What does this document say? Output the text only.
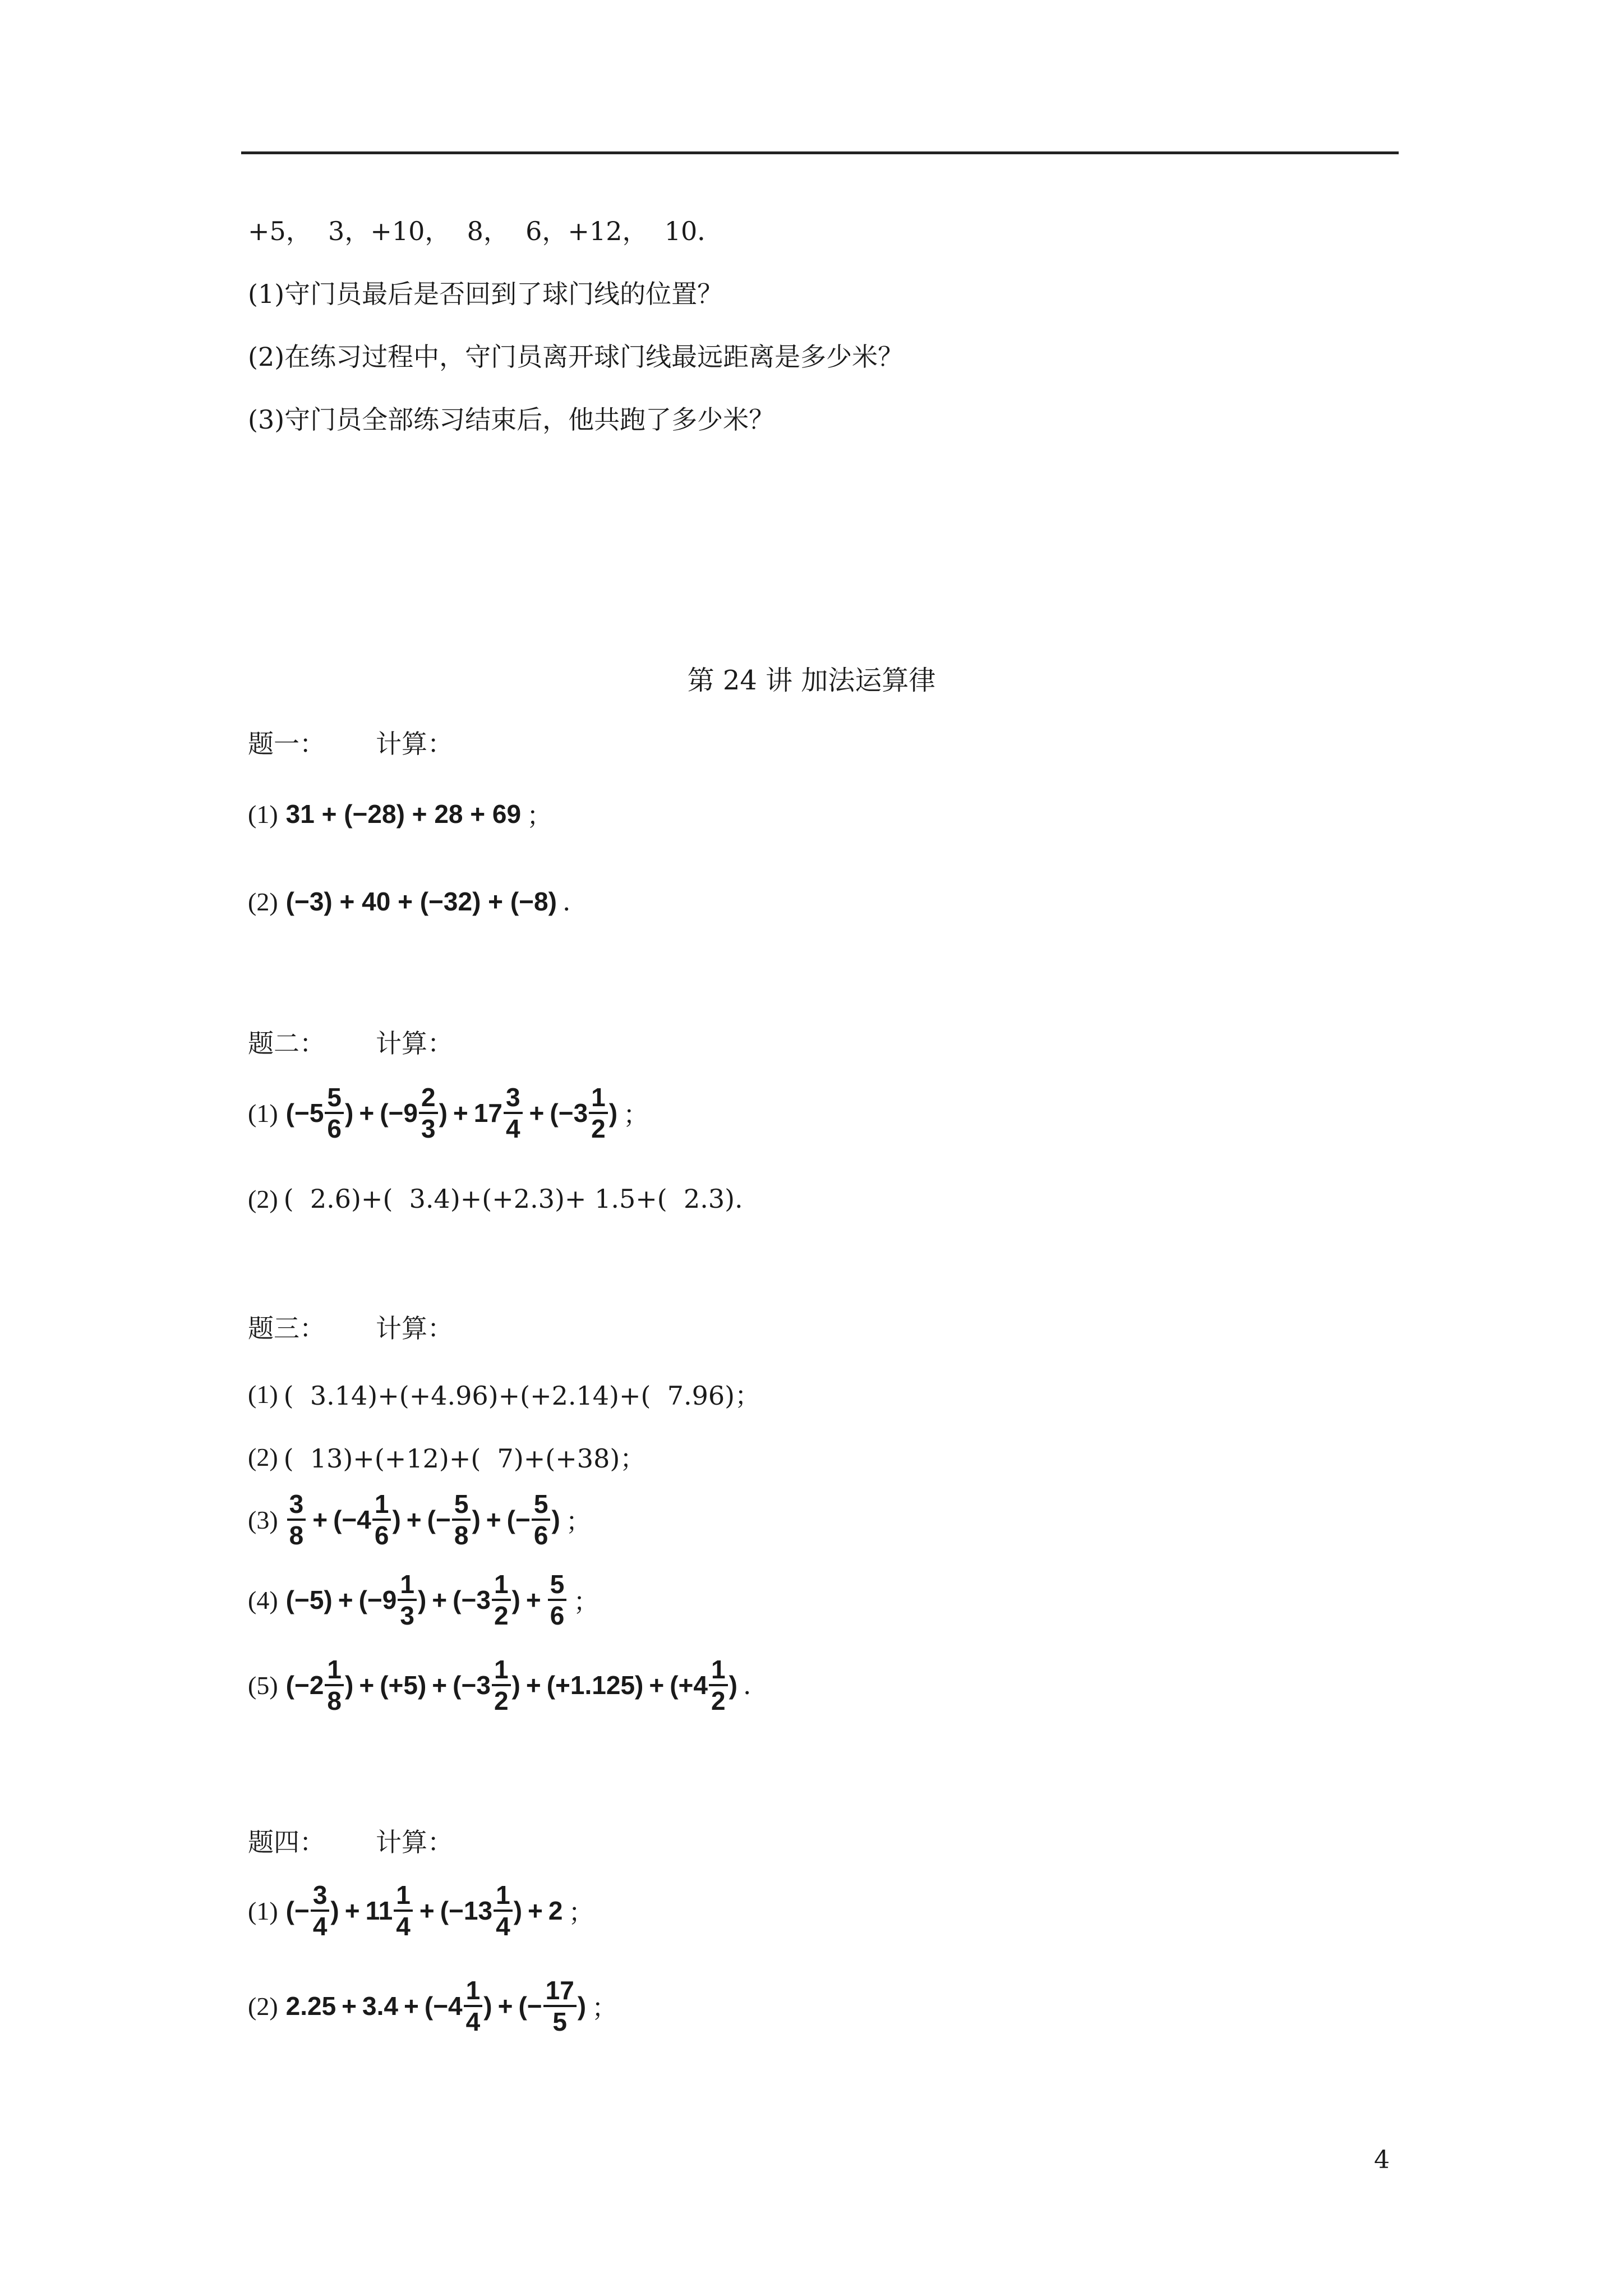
+5，  3，+10，  8，  6，+12，  10．
(1)守门员最后是否回到了球门线的位置？
(2)在练习过程中，守门员离开球门线最远距离是多少米？
(3)守门员全部练习结束后，他共跑了多少米？
第 24 讲 加法运算律
题一： 计算：
(1) 31 + (−28) + 28 + 69 ；
(2) (−3) + 40 + (−32) + (−8) .
题二： 计算：
(1) ($-5 \frac{5}{6}$ ) + ($-9 \frac{2}{3}$ ) + $17 \frac{3}{4} + (-3 \frac{1}{2}$ ) ；
(2) (  2.6)+(  3.4)+(+2.3)+ 1.5+(  2.3).
题三： 计算：
(1) (  3.14)+(+4.96)+(+2.14)+(  7.96)；
(2) (  13)+(+12)+(  7)+(+38)；
$(3) \frac{3}{8} + (-4 \frac{1}{6}$ ) + (− $\frac{5}{8}$ ) + (− $\frac{5}{6}$ ) ；
(4) $(-5) + (-9 \frac{1}{3}$ ) + ($-3 \frac{1}{2}$ ) + $\frac{5}{6}$ ；
(5) ($-2 \frac{1}{8}$ ) + $(+5) + (-3 \frac{1}{2}$ ) + $(+1.125) + (+4 \frac{1}{2}$ ) .
题四： 计算：
(1) (− $\frac{3}{4}$ ) + $11 \frac{1}{4} + (-13 \frac{1}{4}$ ) + 2 ；
(2) $2.25 + 3.4 + (-4 \frac{1}{4}$ ) + (− $\frac{17}{5}$ ) ；
4
